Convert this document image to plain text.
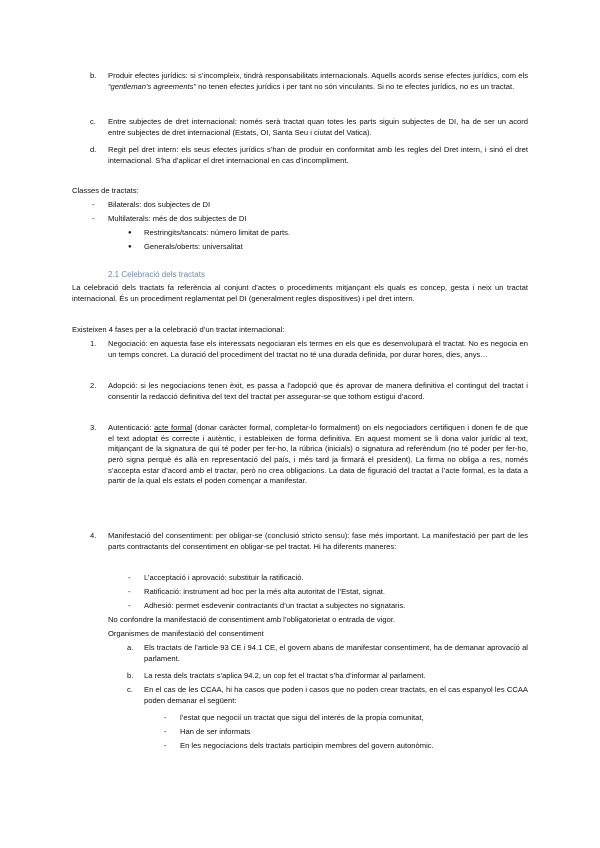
b. Produir efectes jurídics: si s’incompleix, tindrà responsabilitats internacionals. Aquells acords sense efectes jurídics, com els “gentleman's agreements” no tenen efectes jurídics i per tant no són vinculants. Si no te efectes jurídics, no es un tractat.
c. Entre subjectes de dret internacional: només serà tractat quan totes les parts siguin subjectes de DI, ha de ser un acord entre subjectes de dret internacional (Estats, OI, Santa Seu i ciutat del Vatica).
d. Regit pel dret intern: els seus efectes jurídics s’han de produir en conformitat amb les regles del Dret intern, i sinó el dret internacional. S’ha d’aplicar el dret internacional en cas d’incompliment.
Classes de tractats:
- Bilaterals: dos subjectes de DI
- Multilaterals: més de dos subjectes de DI
● Restringits/tancats: número limitat de parts.
● Generals/oberts: universalitat
2.1 Celebració dels tractats
La celebració dels tractats fa referència al conjunt d’actes o procediments mitjançant els quals es concep, gesta i neix un tractat internacional. És un procediment reglamentat pel DI (generalment regles dispositives) i pel dret intern.
Existeixen 4 fases per a la celebració d’un tractat internacional:
1. Negociació: en aquesta fase els interessats negociaran els termes en els que es desenvoluparà el tractat. No es negocia en un temps concret. La duració del procediment del tractat no té una durada definida, por durar hores, dies, anys…
2. Adopció: si les negociacions tenen èxit, es passa a l’adopció que és aprovar de manera definitiva el contingut del tractat i consentir la redacció definitiva del text del tractat per assegurar-se que tothom estigui d’acord.
3. Autenticació: acte formal (donar caràcter formal, completar-lo formalment) on els negociadors certifiquen i donen fe de que el text adoptat és correcte i autèntic, i estableixen de forma definitiva. En aquest moment se li dona valor jurídic al text, mitjançant de la signatura de qui té poder per fer-ho, la rúbrica (inicials) o signatura ad referèndum (no té poder per fer-ho, però signa perquè és allà en representació del país, i més tard ja firmarà el president). La firma no obliga a res, només s’accepta estar d’acord amb el tractar, però no crea obligacions. La data de figuració del tractat a l’acte formal, es la data a partir de la qual els estats el poden començar a manifestar.
4. Manifestació del consentiment: per obligar-se (conclusió stricto sensu): fase més important. La manifestació per part de les parts contractants del consentiment en obligar-se pel tractat. Hi ha diferents maneres:
- L’acceptació i aprovació: substituir la ratificació.
- Ratificació: instrument ad hoc per la més alta autoritat de l’Estat, signat.
- Adhesió: permet esdevenir contractants d’un tractat a subjectes no signataris.
No confondre la manifestació de consentiment amb l’obligatorietat o entrada de vigor.
Organismes de manifestació del consentiment
a. Els tractats de l’article 93 CE i 94.1 CE, el govern abans de manifestar consentiment, ha de demanar aprovació al parlament.
b. La resta dels tractats s’aplica 94.2, un cop fet el tractat s’ha d’informar al parlament.
c. En el cas de les CCAA, hi ha casos que poden i casos que no poden crear tractats, en el cas espanyol les CCAA poden demanar el següent:
- l’estat que negocií un tractat que sigui del interés de la propia comunitat,
- Han de ser informats
- En les negociacions dels tractats participin membres del govern autonòmic.
